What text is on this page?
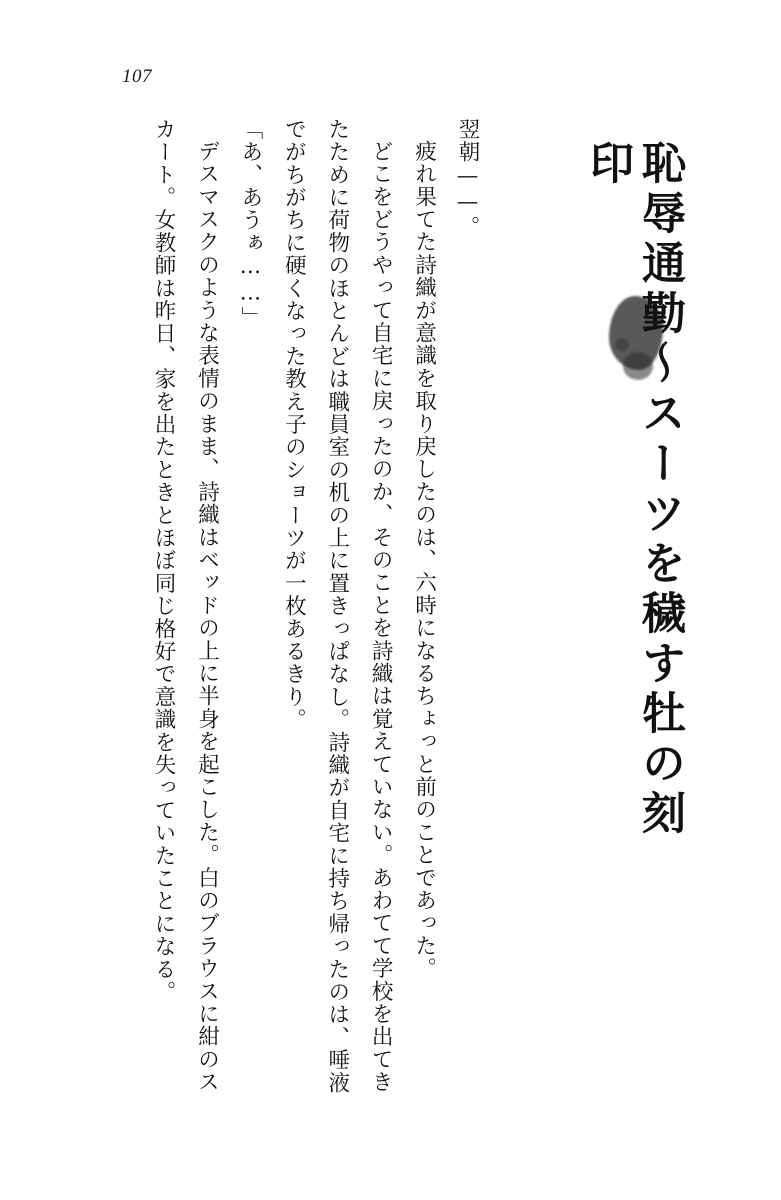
107
恥辱通勤～スーツを穢す牡の刻印

翌朝——。

疲れ果てた詩織が意識を取り戻したのは、六時になるちょっと前のことであった。

どこをどうやって自宅に戻ったのか、そのことを詩織は覚えていない。あわてて学校を出てきたために荷物のほとんどは職員室の机の上に置きっぱなし。詩織が自宅に持ち帰ったのは、唾液でがちがちに硬くなった教え子のショーツが一枚あるきり。

「あ、あうぁ……」

デスマスクのような表情のまま、詩織はベッドの上に半身を起こした。白のブラウスに紺のスカート。女教師は昨日、家を出たときとほぼ同じ格好で意識を失っていたことになる。
